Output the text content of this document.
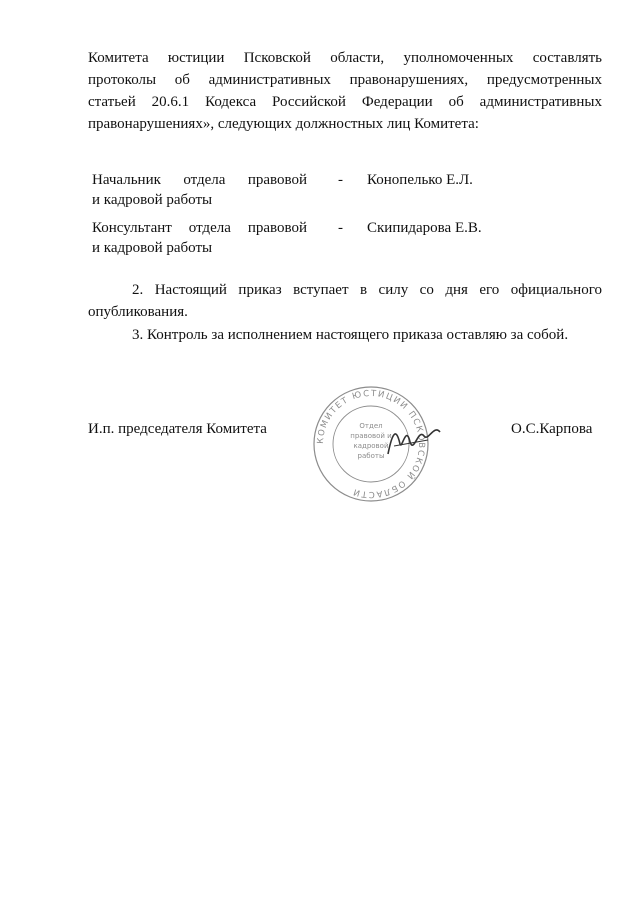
Комитета юстиции Псковской области, уполномоченных составлять
протоколы об административных правонарушениях, предусмотренных
статьей 20.6.1 Кодекса Российской Федерации об административных
правонарушениях», следующих должностных лиц Комитета:
Начальник отдела правовой
и кадровой работы
- Конопелько Е.Л.
Консультант отдела правовой
и кадровой работы
- Скипидарова Е.В.
2. Настоящий приказ вступает в силу со дня его официального
опубликования.
3. Контроль за исполнением настоящего приказа оставляю за собой.
И.п. председателя Комитета
КОМИТЕТ ЮСТИЦИИ ПСКОВСКОЙ ОБЛАСТИ
Отдел
правовой и
кадровой
работы
О.С.Карпова
